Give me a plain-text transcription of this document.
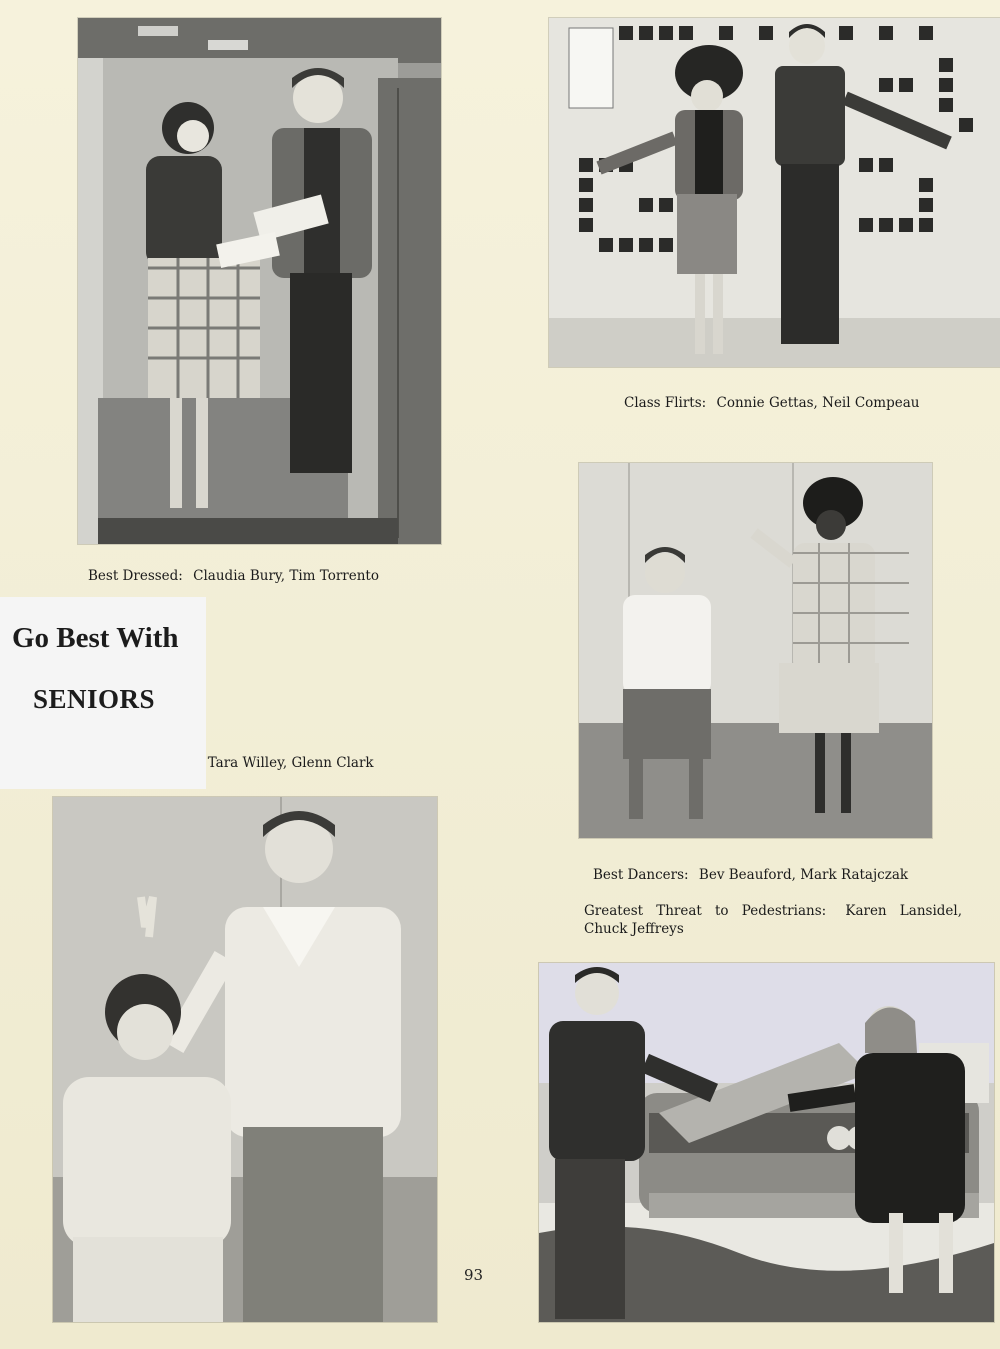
Best Dressed: Claudia Bury, Tim Torrento
Class Flirts: Connie Gettas, Neil Compeau
Tara Willey, Glenn Clark
Best Dancers: Bev Beauford, Mark Ratajczak
Greatest Threat to Pedestrians: Karen Lansidel, Chuck Jeffreys
Go Best With
SENIORS
93
